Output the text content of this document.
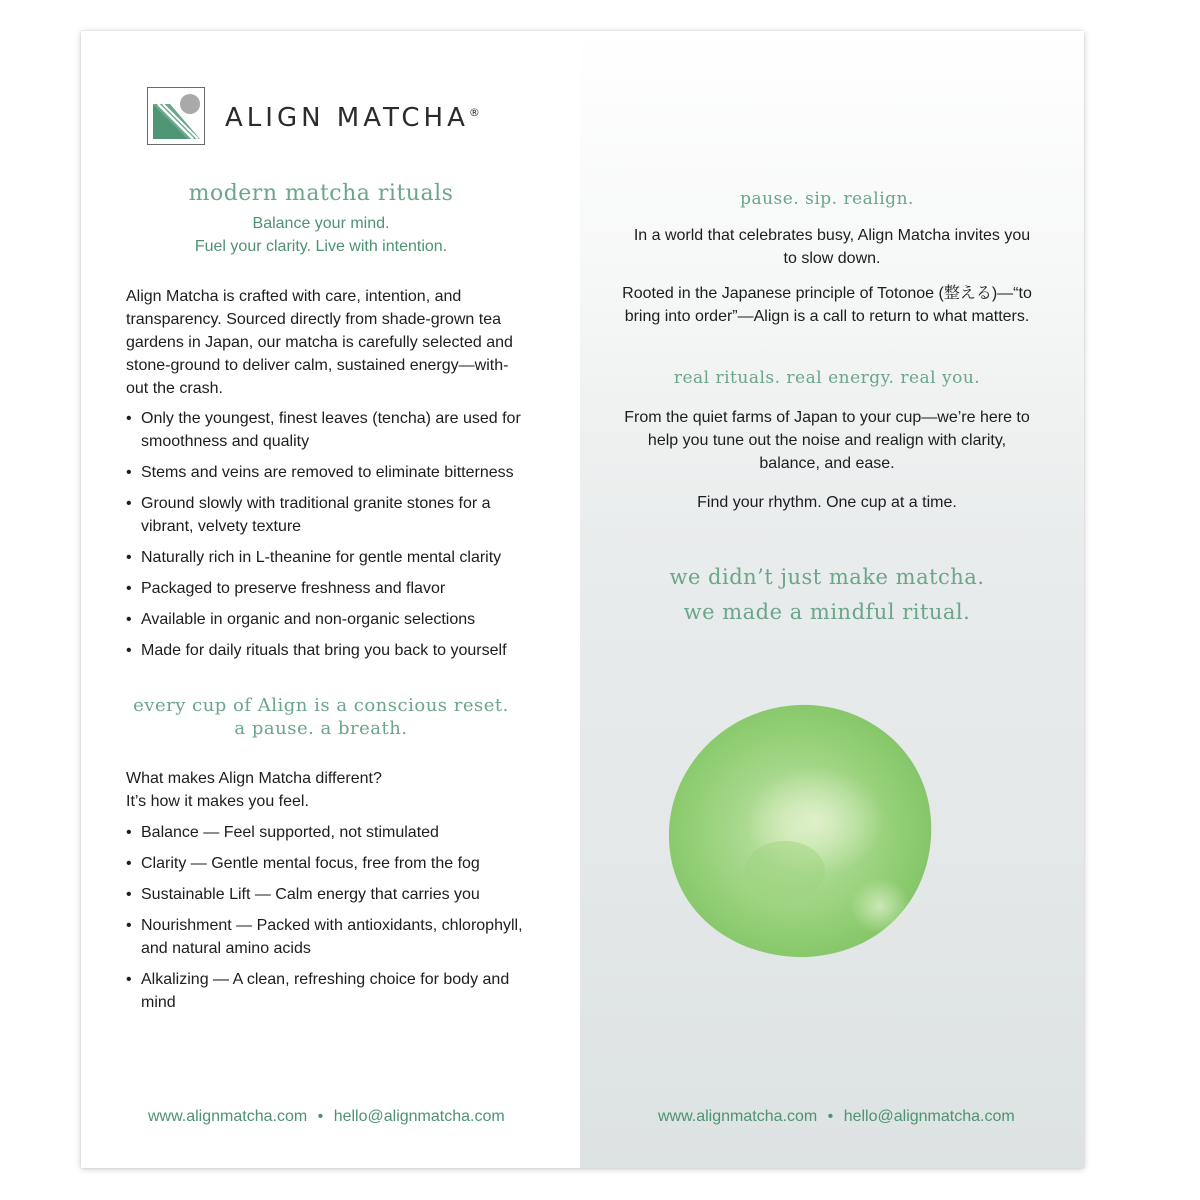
ALIGN MATCHA®
modern matcha rituals
Balance your mind.
Fuel your clarity. Live with intention.
Align Matcha is crafted with care, intention, and transparency. Sourced directly from shade-grown tea gardens in Japan, our matcha is carefully selected and stone-ground to deliver calm, sustained energy—with-out the crash.
• Only the youngest, finest leaves (tencha) are used for smoothness and quality
• Stems and veins are removed to eliminate bitterness
• Ground slowly with traditional granite stones for a vibrant, velvety texture
• Naturally rich in L-theanine for gentle mental clarity
• Packaged to preserve freshness and flavor
• Available in organic and non-organic selections
• Made for daily rituals that bring you back to yourself
every cup of Align is a conscious reset.
a pause. a breath.
What makes Align Matcha different?
It’s how it makes you feel.
• Balance — Feel supported, not stimulated
• Clarity — Gentle mental focus, free from the fog
• Sustainable Lift — Calm energy that carries you
• Nourishment — Packed with antioxidants, chlorophyll, and natural amino acids
• Alkalizing — A clean, refreshing choice for body and mind
www.alignmatcha.com • hello@alignmatcha.com
pause. sip. realign.
In a world that celebrates busy, Align Matcha invites you to slow down.
Rooted in the Japanese principle of Totonoe (整える)—“to bring into order”—Align is a call to return to what matters.
real rituals. real energy. real you.
From the quiet farms of Japan to your cup—we’re here to help you tune out the noise and realign with clarity, balance, and ease.
Find your rhythm. One cup at a time.
we didn’t just make matcha.
we made a mindful ritual.
www.alignmatcha.com • hello@alignmatcha.com
